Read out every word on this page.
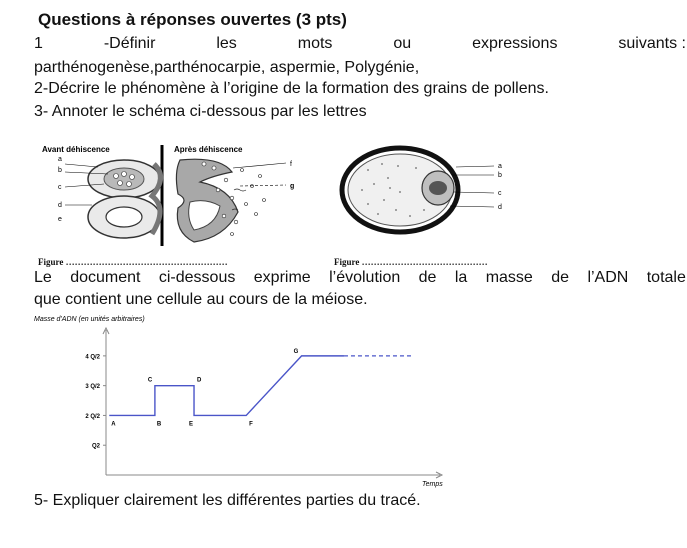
Questions à réponses ouvertes (3 pts)
1	-Définir	les	mots	ou	expressions	suivants :
parthénogenèse,parthénocarpie, aspermie, Polygénie,
2-Décrire le phénomène à l’origine de la formation des grains de pollens.
3- Annoter le schéma ci-dessous par les lettres
Avant déhiscence	Après déhiscence
a
b
c
d
e
f
g
a
b
c
d
Figure ………………………………………………	Figure ……………………………………
Le document ci-dessous exprime l’évolution de la masse de l’ADN totale
que contient une cellule au cours de la méiose.
Masse d'ADN (en unités arbitraires)
Temps
Q2
2 Q/2
3 Q/2
4 Q/2
A	B
C	D
E	F
G
5- Expliquer clairement les différentes parties du tracé.
